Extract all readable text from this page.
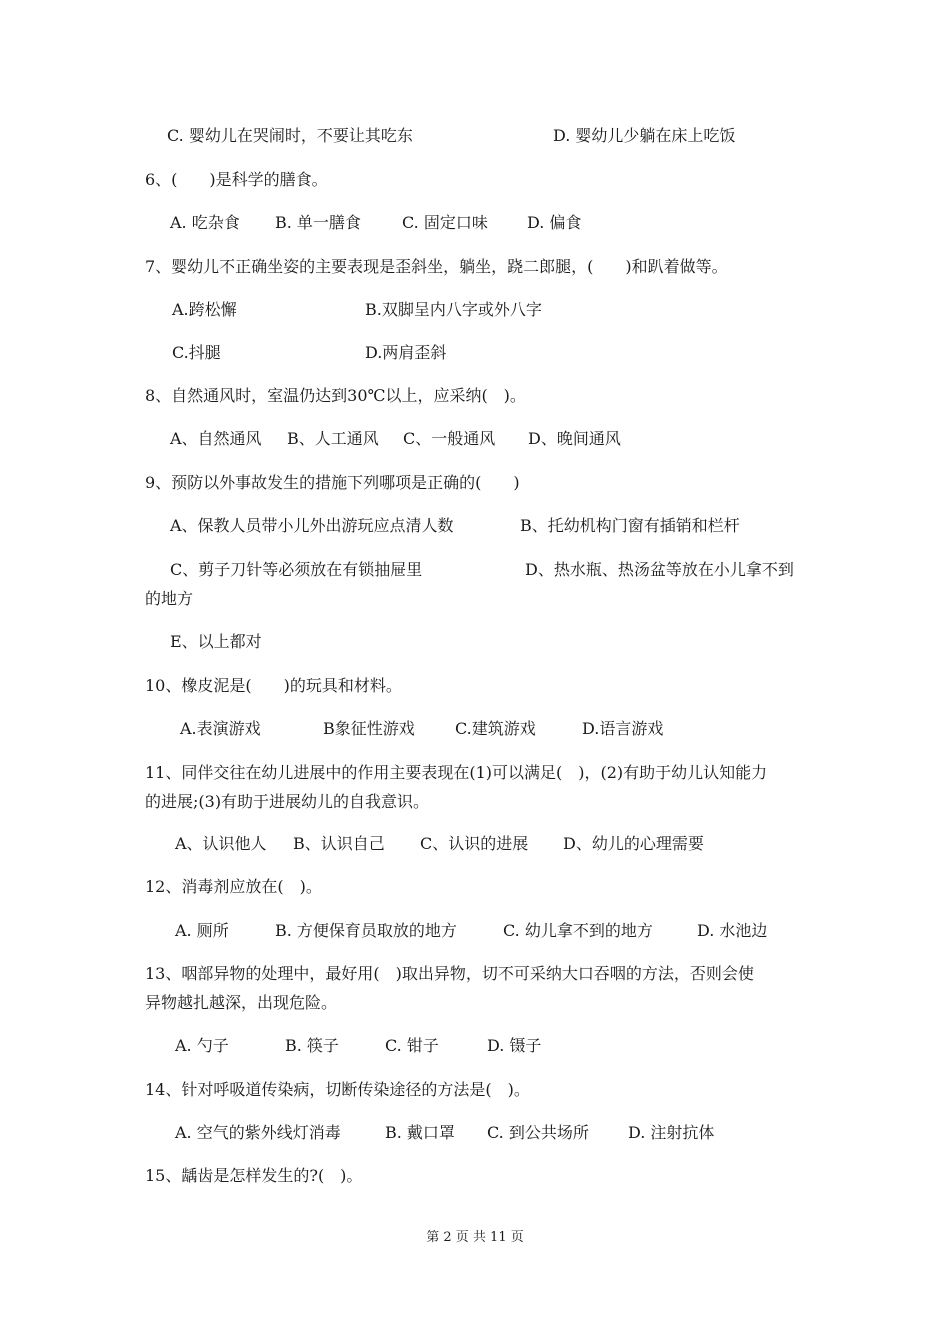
C. 婴幼儿在哭闹时，不要让其吃东	D. 婴幼儿少躺在床上吃饭
6、(　　)是科学的膳食。
A. 吃杂食 B. 单一膳食	C. 固定口味 D. 偏食
7、婴幼儿不正确坐姿的主要表现是歪斜坐，躺坐，跷二郎腿，(　　)和趴着做等。
A.跨松懈	B.双脚呈内八字或外八字
C.抖腿	D.两肩歪斜
8、自然通风时，室温仍达到30℃以上，应采纳(　)。
A、自然通风 B、人工通风 C、一般通风 D、晚间通风
9、预防以外事故发生的措施下列哪项是正确的(　　)
A、保教人员带小儿外出游玩应点清人数	B、托幼机构门窗有插销和栏杆
C、剪子刀针等必须放在有锁抽屉里	D、热水瓶、热汤盆等放在小儿拿不到
的地方
E、以上都对
10、橡皮泥是(　　)的玩具和材料。
A.表演游戏	B象征性游戏	C.建筑游戏	D.语言游戏
11、同伴交往在幼儿进展中的作用主要表现在(1)可以满足(　)，(2)有助于幼儿认知能力
的进展;(3)有助于进展幼儿的自我意识。
A、认识他人 B、认识自己 C、认识的进展 D、幼儿的心理需要
12、消毒剂应放在(　)。
A. 厕所	B. 方便保育员取放的地方	C. 幼儿拿不到的地方	D. 水池边
13、咽部异物的处理中，最好用(　)取出异物，切不可采纳大口吞咽的方法，否则会使
异物越扎越深，出现危险。
A. 勺子	B. 筷子	C. 钳子	D. 镊子
14、针对呼吸道传染病，切断传染途径的方法是(　)。
A. 空气的紫外线灯消毒	B. 戴口罩 C. 到公共场所 D. 注射抗体
15、龋齿是怎样发生的?(　)。
第 2 页 共 11 页
